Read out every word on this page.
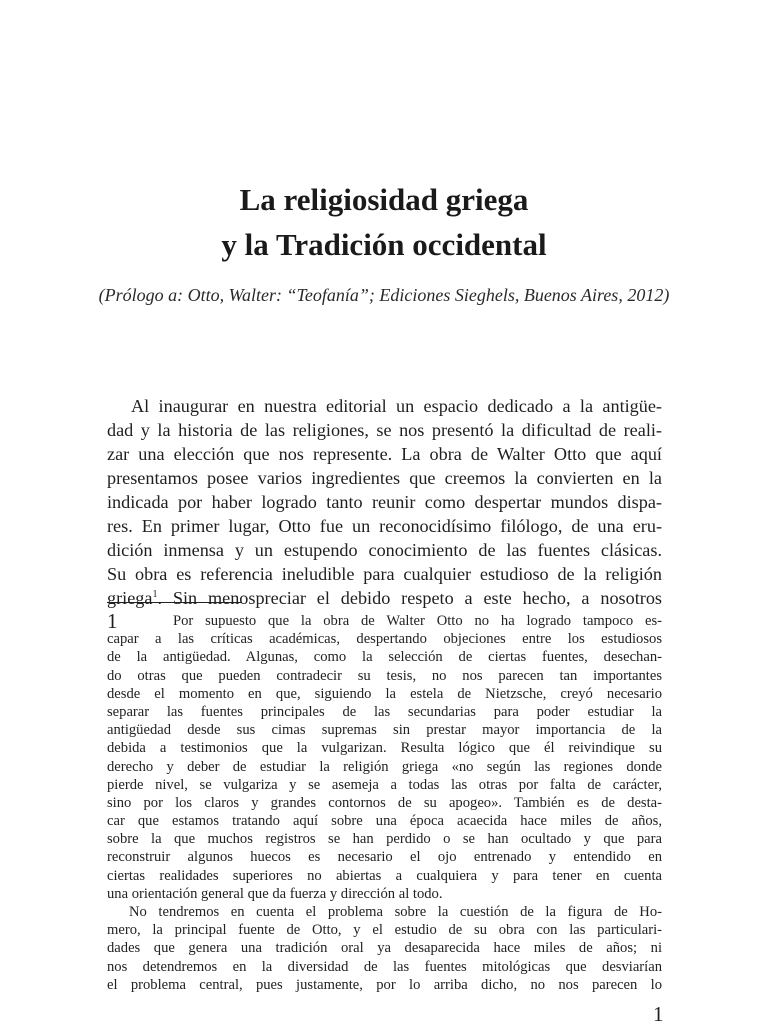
La religiosidad griega
y la Tradición occidental
(Prólogo a: Otto, Walter: “Teofanía”; Ediciones Sieghels, Buenos Aires, 2012)
Al inaugurar en nuestra editorial un espacio dedicado a la antigüe-
dad y la historia de las religiones, se nos presentó la dificultad de reali-
zar una elección que nos represente. La obra de Walter Otto que aquí
presentamos posee varios ingredientes que creemos la convierten en la
indicada por haber logrado tanto reunir como despertar mundos dispa-
res. En primer lugar, Otto fue un reconocidísimo filólogo, de una eru-
dición inmensa y un estupendo conocimiento de las fuentes clásicas.
Su obra es referencia ineludible para cualquier estudioso de la religión
griega$^1$. Sin menospreciar el debido respeto a este hecho, a nosotros
1	Por supuesto que la obra de Walter Otto no ha logrado tampoco es-
capar a las críticas académicas, despertando objeciones entre los estudiosos
de la antigüedad. Algunas, como la selección de ciertas fuentes, desechan-
do otras que pueden contradecir su tesis, no nos parecen tan importantes
desde el momento en que, siguiendo la estela de Nietzsche, creyó necesario
separar las fuentes principales de las secundarias para poder estudiar la
antigüedad desde sus cimas supremas sin prestar mayor importancia de la
debida a testimonios que la vulgarizan. Resulta lógico que él reivindique su
derecho y deber de estudiar la religión griega «no según las regiones donde
pierde nivel, se vulgariza y se asemeja a todas las otras por falta de carácter,
sino por los claros y grandes contornos de su apogeo». También es de desta-
car que estamos tratando aquí sobre una época acaecida hace miles de años,
sobre la que muchos registros se han perdido o se han ocultado y que para
reconstruir algunos huecos es necesario el ojo entrenado y entendido en
ciertas realidades superiores no abiertas a cualquiera y para tener en cuenta
una orientación general que da fuerza y dirección al todo.
No tendremos en cuenta el problema sobre la cuestión de la figura de Ho-
mero, la principal fuente de Otto, y el estudio de su obra con las particulari-
dades que genera una tradición oral ya desaparecida hace miles de años; ni
nos detendremos en la diversidad de las fuentes mitológicas que desviarían
el problema central, pues justamente, por lo arriba dicho, no nos parecen lo
1
